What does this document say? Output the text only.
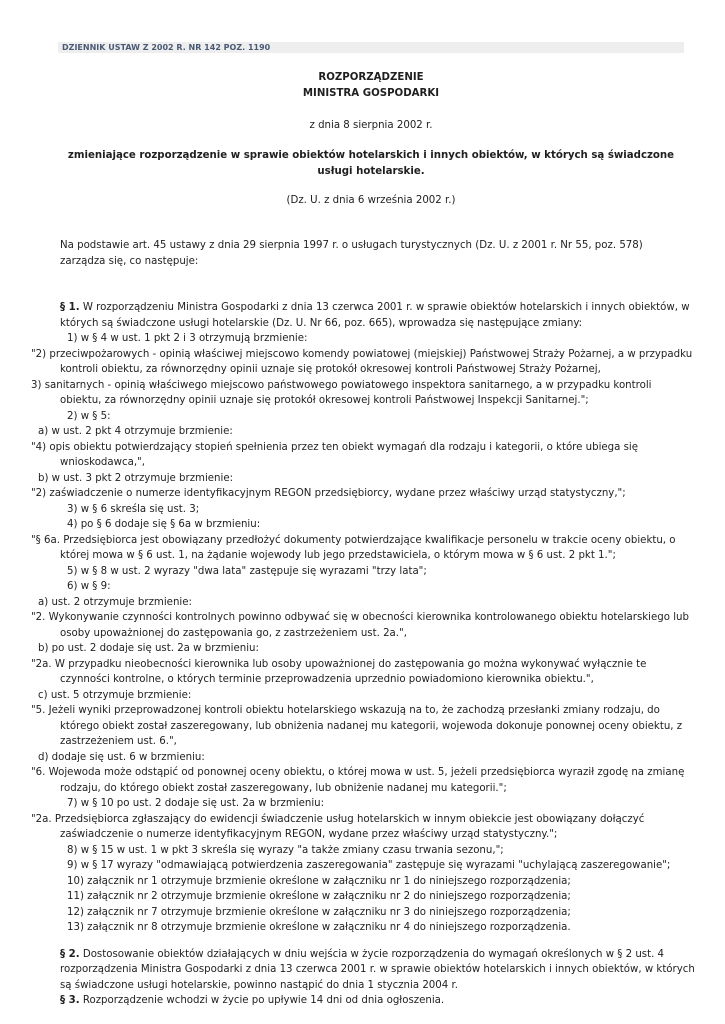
DZIENNIK USTAW Z 2002 R. NR 142 POZ. 1190
ROZPORZĄDZENIE
MINISTRA GOSPODARKI
z dnia 8 sierpnia 2002 r.
zmieniające rozporządzenie w sprawie obiektów hotelarskich i innych obiektów, w których są świadczone usługi hotelarskie.
(Dz. U. z dnia 6 września 2002 r.)
Na podstawie art. 45 ustawy z dnia 29 sierpnia 1997 r. o usługach turystycznych (Dz. U. z 2001 r. Nr 55, poz. 578) zarządza się, co następuje:

§ 1. W rozporządzeniu Ministra Gospodarki z dnia 13 czerwca 2001 r. w sprawie obiektów hotelarskich i innych obiektów, w których są świadczone usługi hotelarskie (Dz. U. Nr 66, poz. 665), wprowadza się następujące zmiany:

1) w § 4 w ust. 1 pkt 2 i 3 otrzymują brzmienie:

"2) przeciwpożarowych - opinią właściwej miejscowo komendy powiatowej (miejskiej) Państwowej Straży Pożarnej, a w przypadku kontroli obiektu, za równorzędny opinii uznaje się protokół okresowej kontroli Państwowej Straży Pożarnej,

3) sanitarnych - opinią właściwego miejscowo państwowego powiatowego inspektora sanitarnego, a w przypadku kontroli obiektu, za równorzędny opinii uznaje się protokół okresowej kontroli Państwowej Inspekcji Sanitarnej.";

2) w § 5:

a) w ust. 2 pkt 4 otrzymuje brzmienie:

"4) opis obiektu potwierdzający stopień spełnienia przez ten obiekt wymagań dla rodzaju i kategorii, o które ubiega się wnioskodawca,",

b) w ust. 3 pkt 2 otrzymuje brzmienie:

"2) zaświadczenie o numerze identyfikacyjnym REGON przedsiębiorcy, wydane przez właściwy urząd statystyczny,";

3) w § 6 skreśla się ust. 3;

4) po § 6 dodaje się § 6a w brzmieniu:

"§ 6a. Przedsiębiorca jest obowiązany przedłożyć dokumenty potwierdzające kwalifikacje personelu w trakcie oceny obiektu, o której mowa w § 6 ust. 1, na żądanie wojewody lub jego przedstawiciela, o którym mowa w § 6 ust. 2 pkt 1.";

5) w § 8 w ust. 2 wyrazy "dwa lata" zastępuje się wyrazami "trzy lata";

6) w § 9:

a) ust. 2 otrzymuje brzmienie:

"2. Wykonywanie czynności kontrolnych powinno odbywać się w obecności kierownika kontrolowanego obiektu hotelarskiego lub osoby upoważnionej do zastępowania go, z zastrzeżeniem ust. 2a.",

b) po ust. 2 dodaje się ust. 2a w brzmieniu:

"2a. W przypadku nieobecności kierownika lub osoby upoważnionej do zastępowania go można wykonywać wyłącznie te czynności kontrolne, o których terminie przeprowadzenia uprzednio powiadomiono kierownika obiektu.",

c) ust. 5 otrzymuje brzmienie:

"5. Jeżeli wyniki przeprowadzonej kontroli obiektu hotelarskiego wskazują na to, że zachodzą przesłanki zmiany rodzaju, do którego obiekt został zaszeregowany, lub obniżenia nadanej mu kategorii, wojewoda dokonuje ponownej oceny obiektu, z zastrzeżeniem ust. 6.",

d) dodaje się ust. 6 w brzmieniu:

"6. Wojewoda może odstąpić od ponownej oceny obiektu, o której mowa w ust. 5, jeżeli przedsiębiorca wyraził zgodę na zmianę rodzaju, do którego obiekt został zaszeregowany, lub obniżenie nadanej mu kategorii.";

7) w § 10 po ust. 2 dodaje się ust. 2a w brzmieniu:

"2a. Przedsiębiorca zgłaszający do ewidencji świadczenie usług hotelarskich w innym obiekcie jest obowiązany dołączyć zaświadczenie o numerze identyfikacyjnym REGON, wydane przez właściwy urząd statystyczny.";

8) w § 15 w ust. 1 w pkt 3 skreśla się wyrazy "a także zmiany czasu trwania sezonu,";

9) w § 17 wyrazy "odmawiającą potwierdzenia zaszeregowania" zastępuje się wyrazami "uchylającą zaszeregowanie";

10) załącznik nr 1 otrzymuje brzmienie określone w załączniku nr 1 do niniejszego rozporządzenia;

11) załącznik nr 2 otrzymuje brzmienie określone w załączniku nr 2 do niniejszego rozporządzenia;

12) załącznik nr 7 otrzymuje brzmienie określone w załączniku nr 3 do niniejszego rozporządzenia;

13) załącznik nr 8 otrzymuje brzmienie określone w załączniku nr 4 do niniejszego rozporządzenia.

§ 2. Dostosowanie obiektów działających w dniu wejścia w życie rozporządzenia do wymagań określonych w § 2 ust. 4 rozporządzenia Ministra Gospodarki z dnia 13 czerwca 2001 r. w sprawie obiektów hotelarskich i innych obiektów, w których są świadczone usługi hotelarskie, powinno nastąpić do dnia 1 stycznia 2004 r.

§ 3. Rozporządzenie wchodzi w życie po upływie 14 dni od dnia ogłoszenia.
